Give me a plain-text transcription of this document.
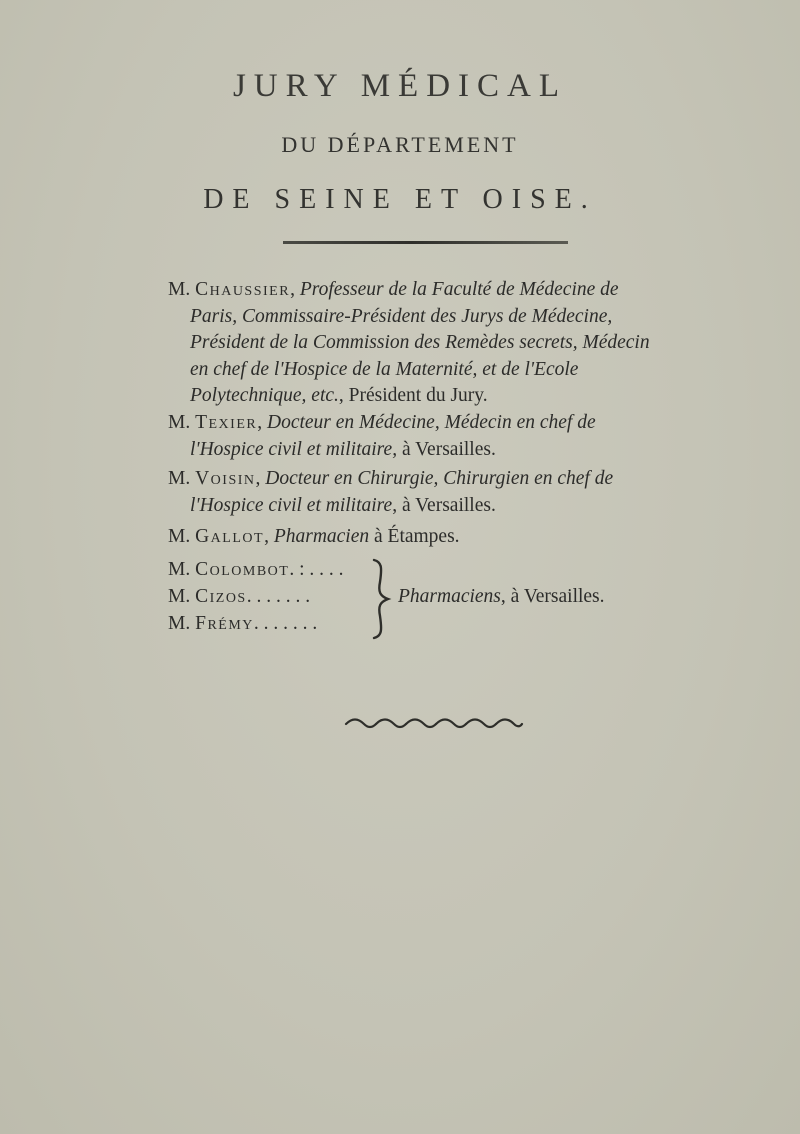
JURY MÉDICAL
DU DÉPARTEMENT
DE SEINE ET OISE.
M. Chaussier, Professeur de la Faculté de Médecine de
Paris, Commissaire-Président des Jurys de Médecine,
Président de la Commission des Remèdes secrets, Médecin
en chef de l'Hospice de la Maternité, et de l'Ecole
Polytechnique, etc., Président du Jury.
M. Texier, Docteur en Médecine, Médecin en chef de
l'Hospice civil et militaire, à Versailles.
M. Voisin, Docteur en Chirurgie, Chirurgien en chef de
l'Hospice civil et militaire, à Versailles.
M. Gallot, Pharmacien à Étampes.
M. Colombot. : . . . .
M. Cizos. . . . . . .
M. Frémy. . . . . . .
Pharmaciens, à Versailles.
